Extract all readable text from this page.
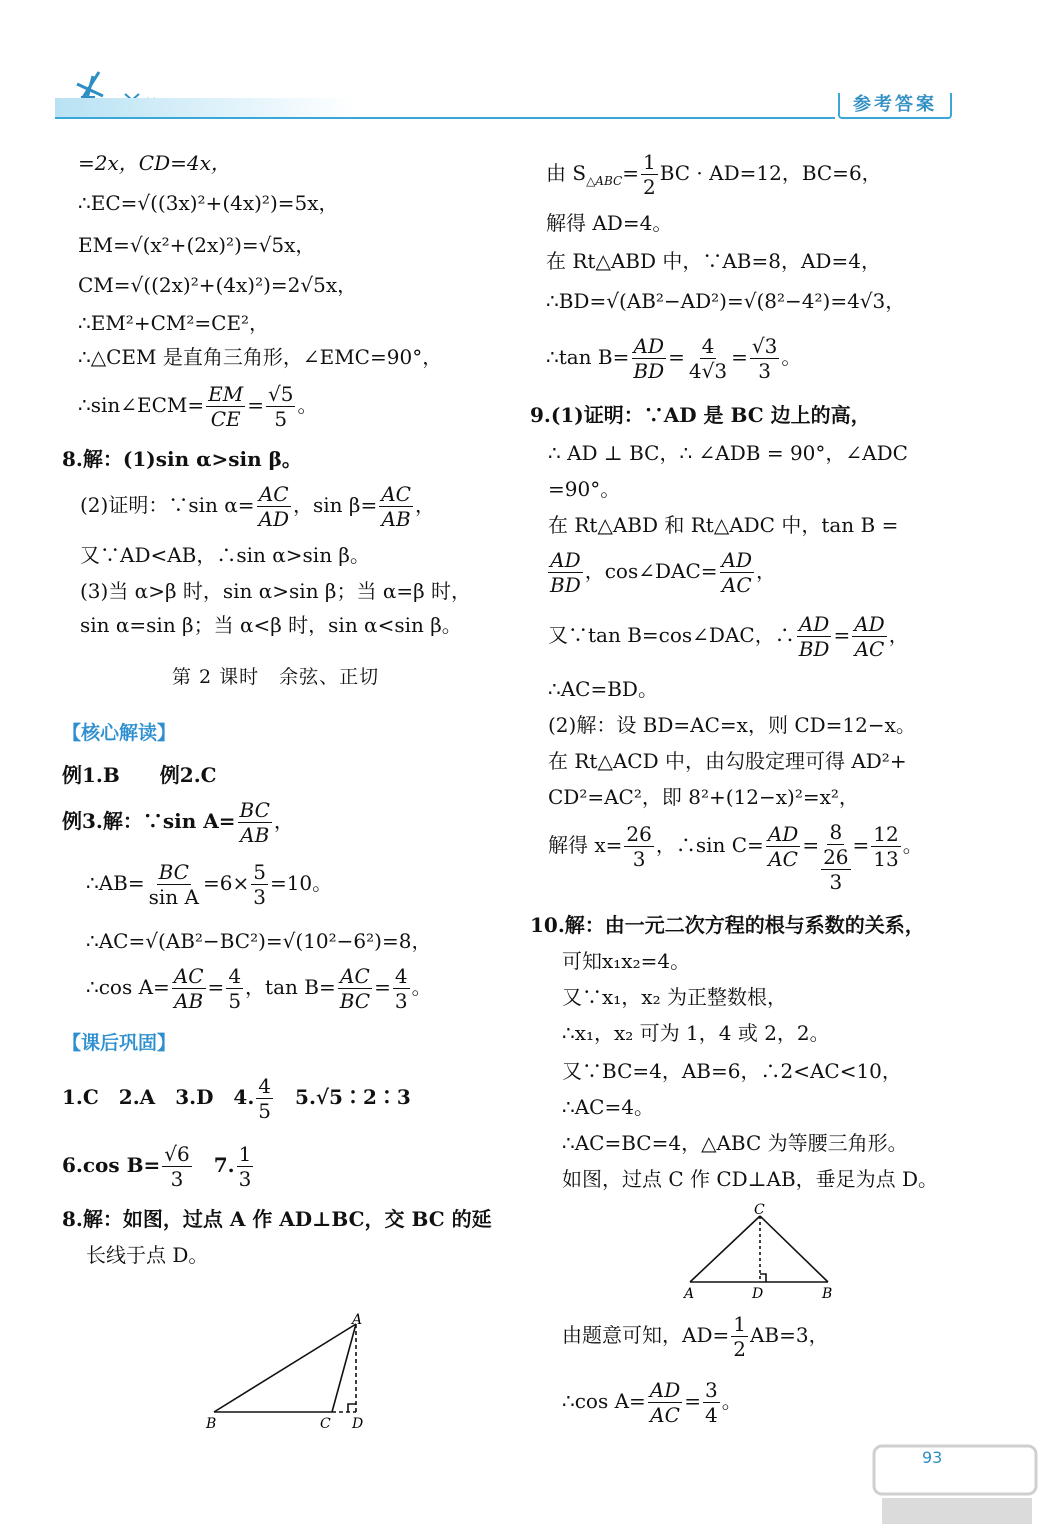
参考答案
=2x，CD=4x，
∴EC=√((3x)²+(4x)²)=5x，
EM=√(x²+(2x)²)=√5x，
CM=√((2x)²+(4x)²)=2√5x，
∴EM²+CM²=CE²，
∴△CEM 是直角三角形，∠EMC=90°，
∴sin∠ECM= $\frac{EM}{CE} = \frac{√5}{5}$ 。
8.解：(1)sin α>sin β。
(2)证明：∵sin $\alpha= \frac{AC}{AD}$ ，$\sin \beta= \frac{AC}{AB}$ ，
又∵AD<AB，∴sin α>sin β。
(3)当 α>β 时，sin α>sin β；当 α=β 时，
sin α=sin β；当 α<β 时，sin α<sin β。
第 2 课时　余弦、正切
【核心解读】
例1.B　　例2.C
例3.解：∵sin $A= \frac{BC}{AB}$ ，
∴AB= $\frac{BC}{\text{sin A}} =6\times \frac{5}{3} =10$。
∴AC=√(AB²−BC²)=√(10²−6²)=8，
∴cos $A= \frac{AC}{AB} = \frac{4}{5}$ ，$\tan B= \frac{AC}{BC} = \frac{4}{3}$ 。
【课后巩固】
1.C　2.A　3.D　4. $\frac{4}{5}$ 　5.√5∶2∶3
6.cos $B= \frac{√6}{3}$ 　7. $\frac{1}{3}$
8.解：如图，过点 A 作 AD⊥BC，交 BC 的延
长线于点 D。
A
B	C D
由 $S_{\triangle ABC}= \frac{1}{2}$ BC · AD=12，BC=6，
解得 AD=4。
在 Rt△ABD 中，∵AB=8，AD=4，
∴BD=√(AB²−AD²)=√(8²−4²)=4√3，
∴tan $B= \frac{AD}{BD} = \frac{4}{4√3} = \frac{√3}{3}$ 。
9.(1)证明：∵AD 是 BC 边上的高，
∴ AD ⊥ BC，∴ ∠ADB = 90°，∠ADC
=90°。
在 Rt△ABD 和 Rt△ADC 中，tan B =
$\frac{AD}{BD}$ ，cos∠DAC= $\frac{AD}{AC}$ ，
又∵tan B=cos∠DAC，∴ $\frac{AD}{BD} = \frac{AD}{AC}$ ，
∴AC=BD。
(2)解：设 BD=AC=x，则 CD=12−x。
在 Rt△ACD 中，由勾股定理可得 AD²+
CD²=AC²，即 8²+(12−x)²=x²，
解得 $x= \frac{26}{3}$ ，∴sin $C= \frac{AD}{AC}$ =
8
26
3
= $\frac{12}{13}$ 。
10.解：由一元二次方程的根与系数的关系，
可知x₁x₂=4。
又∵x₁，x₂ 为正整数根，
∴x₁，x₂ 可为 1，4 或 2，2。
又∵BC=4，AB=6，∴2<AC<10，
∴AC=4。
∴AC=BC=4，△ABC 为等腰三角形。
如图，过点 C 作 CD⊥AB，垂足为点 D。
C
A	D	B
由题意可知，$AD= \frac{1}{2} AB=3$，
∴cos $A= \frac{AD}{AC} = \frac{3}{4}$ 。
93
